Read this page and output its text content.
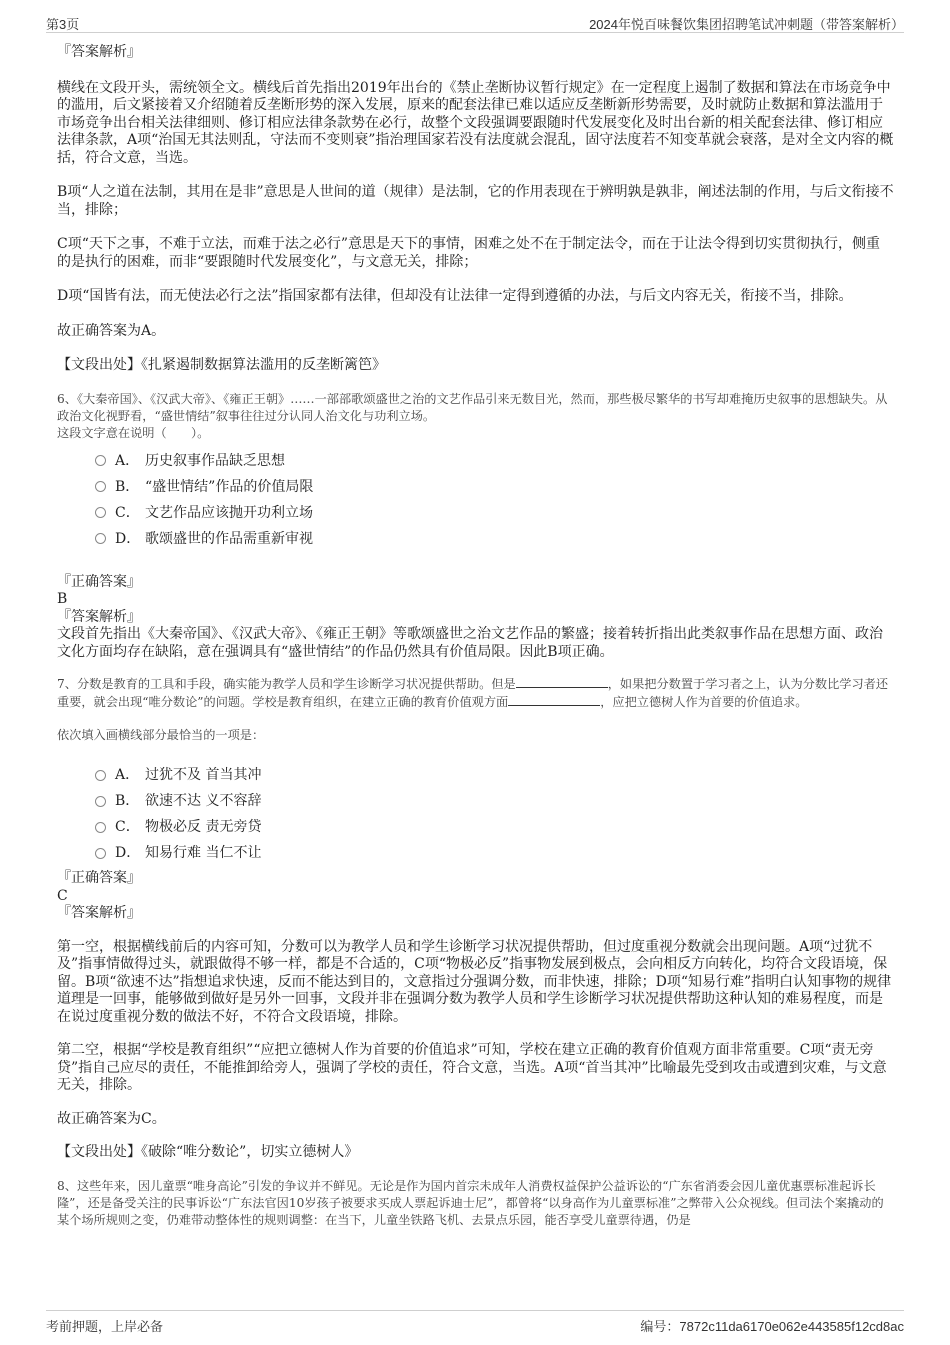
第3页	2024年悦百味餐饮集团招聘笔试冲刺题（带答案解析）

『答案解析』

横线在文段开头，需统领全文。横线后首先指出2019年出台的《禁止垄断协议暂行规定》在一定程度上遏制了数据和算法在市场竞争中的滥用，后文紧接着又介绍随着反垄断形势的深入发展，原来的配套法律已难以适应反垄断新形势需要，及时就防止数据和算法滥用于市场竞争出台相关法律细则、修订相应法律条款势在必行，故整个文段强调要跟随时代发展变化及时出台新的相关配套法律、修订相应法律条款，A项“治国无其法则乱，守法而不变则衰”指治理国家若没有法度就会混乱，固守法度若不知变革就会衰落，是对全文内容的概括，符合文意，当选。

B项“人之道在法制，其用在是非”意思是人世间的道（规律）是法制，它的作用表现在于辨明孰是孰非，阐述法制的作用，与后文衔接不当，排除；

C项“天下之事，不难于立法，而难于法之必行”意思是天下的事情，困难之处不在于制定法令，而在于让法令得到切实贯彻执行，侧重的是执行的困难，而非“要跟随时代发展变化”，与文意无关，排除；

D项“国皆有法，而无使法必行之法”指国家都有法律，但却没有让法律一定得到遵循的办法，与后文内容无关，衔接不当，排除。

故正确答案为A。

【文段出处】《扎紧遏制数据算法滥用的反垄断篱笆》

6、《大秦帝国》、《汉武大帝》、《雍正王朝》……一部部歌颂盛世之治的文艺作品引来无数目光，然而，那些极尽繁华的书写却难掩历史叙事的思想缺失。从政治文化视野看，“盛世情结”叙事往往过分认同人治文化与功利立场。

这段文字意在说明（　　）。

A． 历史叙事作品缺乏思想
B． “盛世情结”作品的价值局限
C． 文艺作品应该抛开功利立场
D． 歌颂盛世的作品需重新审视

『正确答案』

B

『答案解析』

文段首先指出《大秦帝国》、《汉武大帝》、《雍正王朝》等歌颂盛世之治文艺作品的繁盛；接着转折指出此类叙事作品在思想方面、政治文化方面均存在缺陷，意在强调具有“盛世情结”的作品仍然具有价值局限。因此B项正确。

7、分数是教育的工具和手段，确实能为教学人员和学生诊断学习状况提供帮助。但是	，如果把分数置于学习者之上，认为分数比学习者还重要，就会出现“唯分数论”的问题。学校是教育组织，在建立正确的教育价值观方面	，应把立德树人作为首要的价值追求。

依次填入画横线部分最恰当的一项是：

A． 过犹不及 首当其冲
B． 欲速不达 义不容辞
C． 物极必反 责无旁贷
D． 知易行难 当仁不让

『正确答案』

C

『答案解析』

第一空，根据横线前后的内容可知，分数可以为教学人员和学生诊断学习状况提供帮助，但过度重视分数就会出现问题。A项“过犹不及”指事情做得过头，就跟做得不够一样，都是不合适的，C项“物极必反”指事物发展到极点，会向相反方向转化，均符合文段语境，保留。B项“欲速不达”指想追求快速，反而不能达到目的，文意指过分强调分数，而非快速，排除；D项“知易行难”指明白认知事物的规律道理是一回事，能够做到做好是另外一回事，文段并非在强调分数为教学人员和学生诊断学习状况提供帮助这种认知的难易程度，而是在说过度重视分数的做法不好，不符合文段语境，排除。

第二空，根据“学校是教育组织”“应把立德树人作为首要的价值追求”可知，学校在建立正确的教育价值观方面非常重要。C项“责无旁贷”指自己应尽的责任，不能推卸给旁人，强调了学校的责任，符合文意，当选。A项“首当其冲”比喻最先受到攻击或遭到灾难，与文意无关，排除。

故正确答案为C。

【文段出处】《破除“唯分数论”，切实立德树人》

8、这些年来，因儿童票“唯身高论”引发的争议并不鲜见。无论是作为国内首宗未成年人消费权益保护公益诉讼的“广东省消委会因儿童优惠票标准起诉长隆”，还是备受关注的民事诉讼“广东法官因10岁孩子被要求买成人票起诉迪士尼”，都曾将“以身高作为儿童票标准”之弊带入公众视线。但司法个案撬动的某个场所规则之变，仍难带动整体性的规则调整：在当下，儿童坐铁路飞机、去景点乐园，能否享受儿童票待遇，仍是

考前押题，上岸必备	编号：7872c11da6170e062e443585f12cd8ac
